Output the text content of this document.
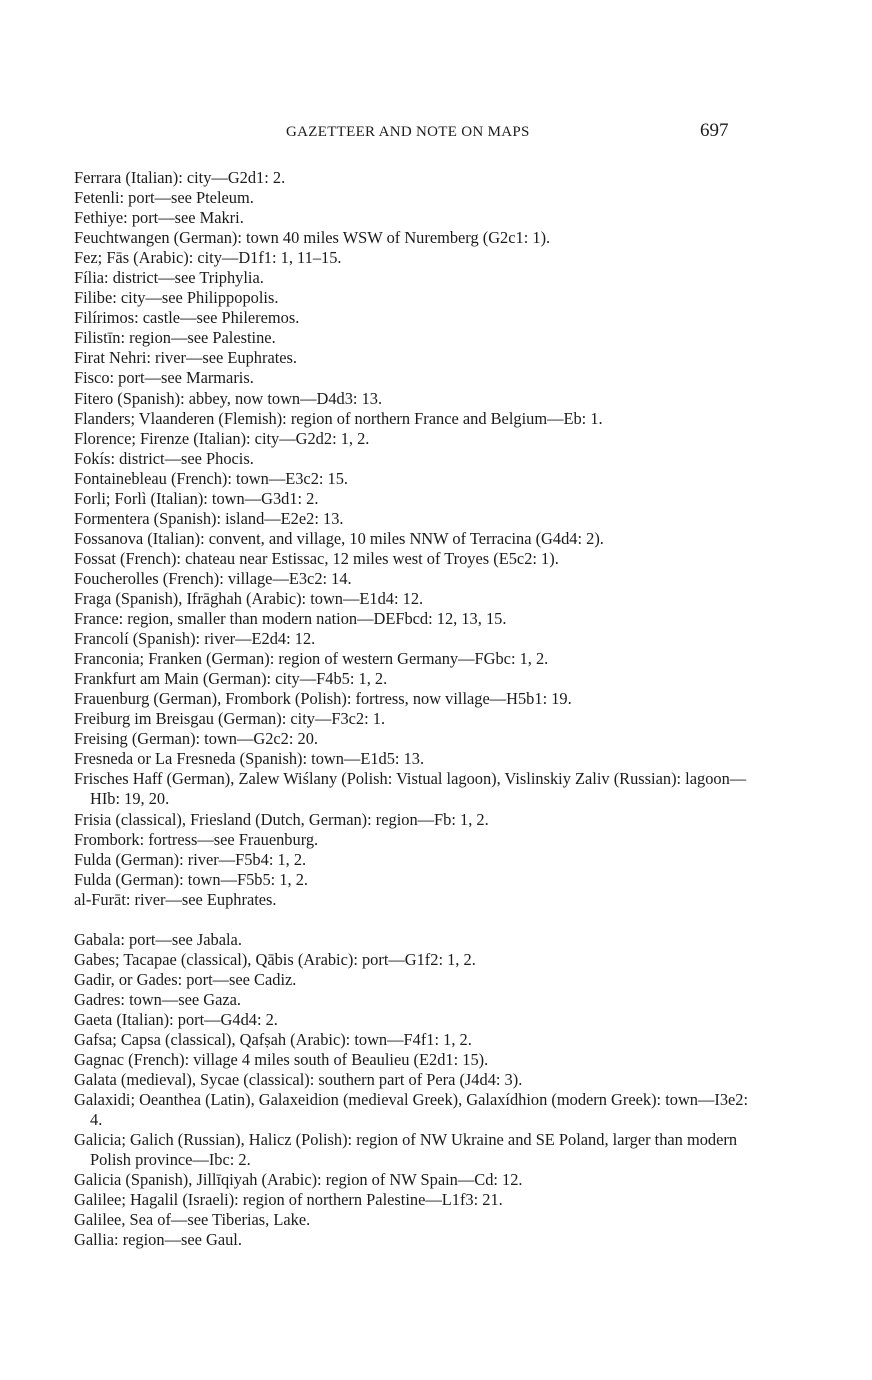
GAZETTEER AND NOTE ON MAPS	697
Ferrara (Italian): city—G2d1: 2.
Fetenli: port—see Pteleum.
Fethiye: port—see Makri.
Feuchtwangen (German): town 40 miles WSW of Nuremberg (G2c1: 1).
Fez; Fās (Arabic): city—D1f1: 1, 11–15.
Fília: district—see Triphylia.
Filibe: city—see Philippopolis.
Filírimos: castle—see Phileremos.
Filistīn: region—see Palestine.
Firat Nehri: river—see Euphrates.
Fisco: port—see Marmaris.
Fitero (Spanish): abbey, now town—D4d3: 13.
Flanders; Vlaanderen (Flemish): region of northern France and Belgium—Eb: 1.
Florence; Firenze (Italian): city—G2d2: 1, 2.
Fokís: district—see Phocis.
Fontainebleau (French): town—E3c2: 15.
Forli; Forlì (Italian): town—G3d1: 2.
Formentera (Spanish): island—E2e2: 13.
Fossanova (Italian): convent, and village, 10 miles NNW of Terracina (G4d4: 2).
Fossat (French): chateau near Estissac, 12 miles west of Troyes (E5c2: 1).
Foucherolles (French): village—E3c2: 14.
Fraga (Spanish), Ifrāghah (Arabic): town—E1d4: 12.
France: region, smaller than modern nation—DEFbcd: 12, 13, 15.
Francolí (Spanish): river—E2d4: 12.
Franconia; Franken (German): region of western Germany—FGbc: 1, 2.
Frankfurt am Main (German): city—F4b5: 1, 2.
Frauenburg (German), Frombork (Polish): fortress, now village—H5b1: 19.
Freiburg im Breisgau (German): city—F3c2: 1.
Freising (German): town—G2c2: 20.
Fresneda or La Fresneda (Spanish): town—E1d5: 13.
Frisches Haff (German), Zalew Wiślany (Polish: Vistual lagoon), Vislinskiy Zaliv (Russian): lagoon—HIb: 19, 20.
Frisia (classical), Friesland (Dutch, German): region—Fb: 1, 2.
Frombork: fortress—see Frauenburg.
Fulda (German): river—F5b4: 1, 2.
Fulda (German): town—F5b5: 1, 2.
al-Furāt: river—see Euphrates.
Gabala: port—see Jabala.
Gabes; Tacapae (classical), Qābis (Arabic): port—G1f2: 1, 2.
Gadir, or Gades: port—see Cadiz.
Gadres: town—see Gaza.
Gaeta (Italian): port—G4d4: 2.
Gafsa; Capsa (classical), Qafṣah (Arabic): town—F4f1: 1, 2.
Gagnac (French): village 4 miles south of Beaulieu (E2d1: 15).
Galata (medieval), Sycae (classical): southern part of Pera (J4d4: 3).
Galaxidi; Oeanthea (Latin), Galaxeidion (medieval Greek), Galaxídhion (modern Greek): town—I3e2: 4.
Galicia; Galich (Russian), Halicz (Polish): region of NW Ukraine and SE Poland, larger than modern Polish province—Ibc: 2.
Galicia (Spanish), Jillīqiyah (Arabic): region of NW Spain—Cd: 12.
Galilee; Hagalil (Israeli): region of northern Palestine—L1f3: 21.
Galilee, Sea of—see Tiberias, Lake.
Gallia: region—see Gaul.
